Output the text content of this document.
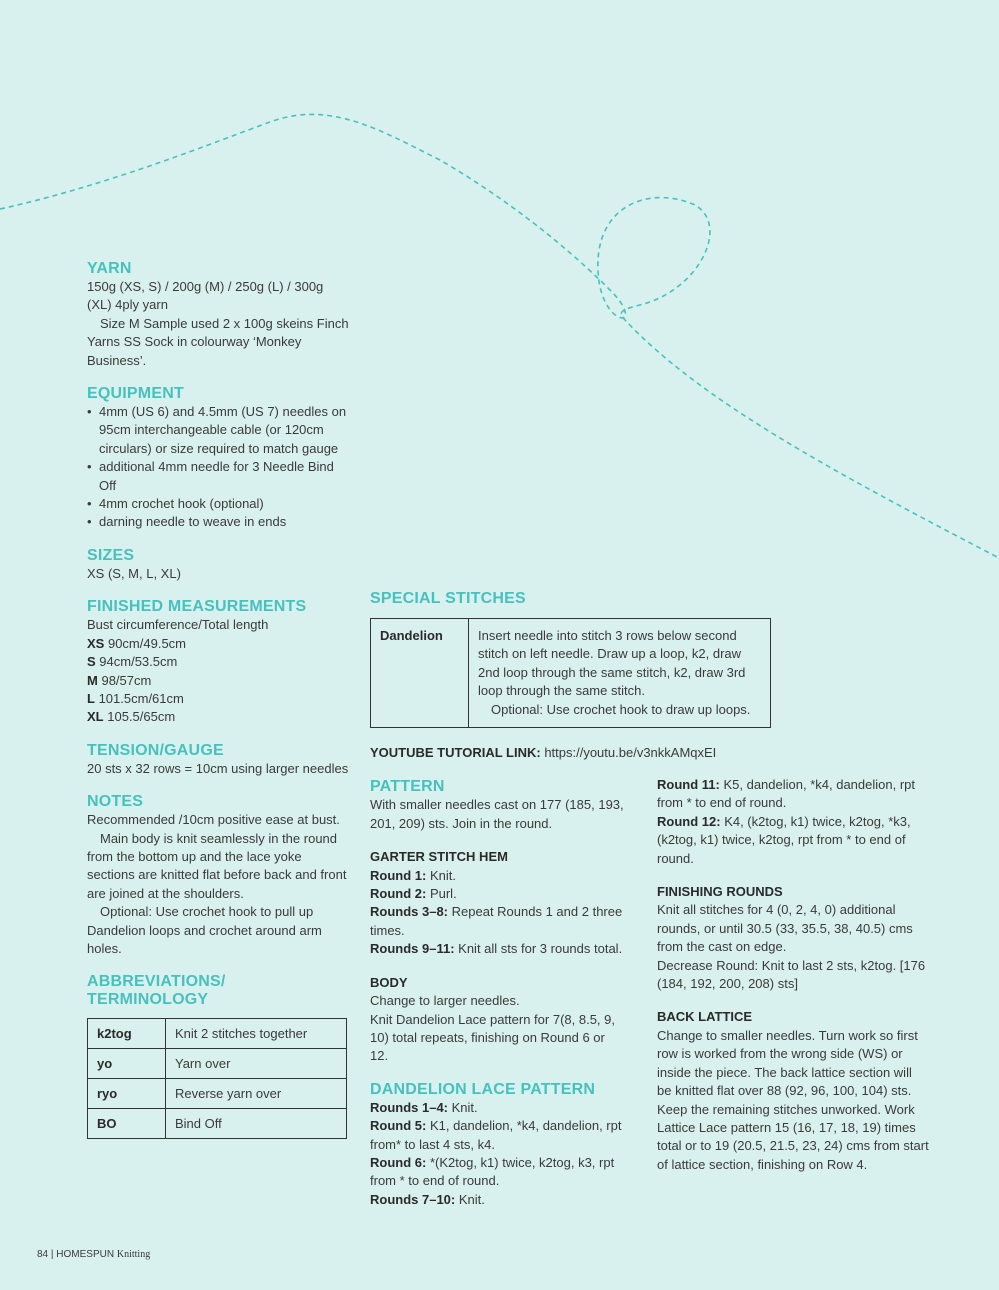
YARN

150g (XS, S) / 200g (M) / 250g (L) / 300g (XL) 4ply yarn

Size M Sample used 2 x 100g skeins Finch Yarns SS Sock in colourway ‘Monkey Business’.

EQUIPMENT
• 4mm (US 6) and 4.5mm (US 7) needles on 95cm interchangeable cable (or 120cm circulars) or size required to match gauge
• additional 4mm needle for 3 Needle Bind Off
• 4mm crochet hook (optional)
• darning needle to weave in ends
SIZES

XS (S, M, L, XL)

FINISHED MEASUREMENTS

Bust circumference/Total length

XS 90cm/49.5cm

S 94cm/53.5cm

M 98/57cm

L 101.5cm/61cm

XL 105.5/65cm

TENSION/GAUGE

20 sts x 32 rows = 10cm using larger needles

NOTES

Recommended /10cm positive ease at bust.

Main body is knit seamlessly in the round from the bottom up and the lace yoke sections are knitted flat before back and front are joined at the shoulders.

Optional: Use crochet hook to pull up Dandelion loops and crochet around arm holes.

ABBREVIATIONS/ TERMINOLOGY
k2tog	Knit 2 stitches together
yo	Yarn over
ryo	Reverse yarn over
BO	Bind Off
SPECIAL STITCHES
Dandelion	Insert needle into stitch 3 rows below second stitch on left needle. Draw up a loop, k2, draw 2nd loop through the same stitch, k2, draw 3rd loop through the same stitch.

Optional: Use crochet hook to draw up loops.

YOUTUBE TUTORIAL LINK: https://youtu.be/v3nkkAMqxEI

PATTERN

With smaller needles cast on 177 (185, 193, 201, 209) sts. Join in the round.

GARTER STITCH HEM

Round 1: Knit.

Round 2: Purl.

Rounds 3–8: Repeat Rounds 1 and 2 three times.

Rounds 9–11: Knit all sts for 3 rounds total.

BODY

Change to larger needles.

Knit Dandelion Lace pattern for 7(8, 8.5, 9, 10) total repeats, finishing on Round 6 or 12.

DANDELION LACE PATTERN

Rounds 1–4: Knit.

Round 5: K1, dandelion, *k4, dandelion, rpt from* to last 4 sts, k4.

Round 6: *(K2tog, k1) twice, k2tog, k3, rpt from * to end of round.

Rounds 7–10: Knit.

Round 11: K5, dandelion, *k4, dandelion, rpt from * to end of round.

Round 12: K4, (k2tog, k1) twice, k2tog, *k3, (k2tog, k1) twice, k2tog, rpt from * to end of round.

FINISHING ROUNDS

Knit all stitches for 4 (0, 2, 4, 0) additional rounds, or until 30.5 (33, 35.5, 38, 40.5) cms from the cast on edge.

Decrease Round: Knit to last 2 sts, k2tog. [176 (184, 192, 200, 208) sts]

BACK LATTICE

Change to smaller needles. Turn work so first row is worked from the wrong side (WS) or inside the piece. The back lattice section will be knitted flat over 88 (92, 96, 100, 104) sts. Keep the remaining stitches unworked. Work Lattice Lace pattern 15 (16, 17, 18, 19) times total or to 19 (20.5, 21.5, 23, 24) cms from start of lattice section, finishing on Row 4.

84 | HOMESPUN Knitting
